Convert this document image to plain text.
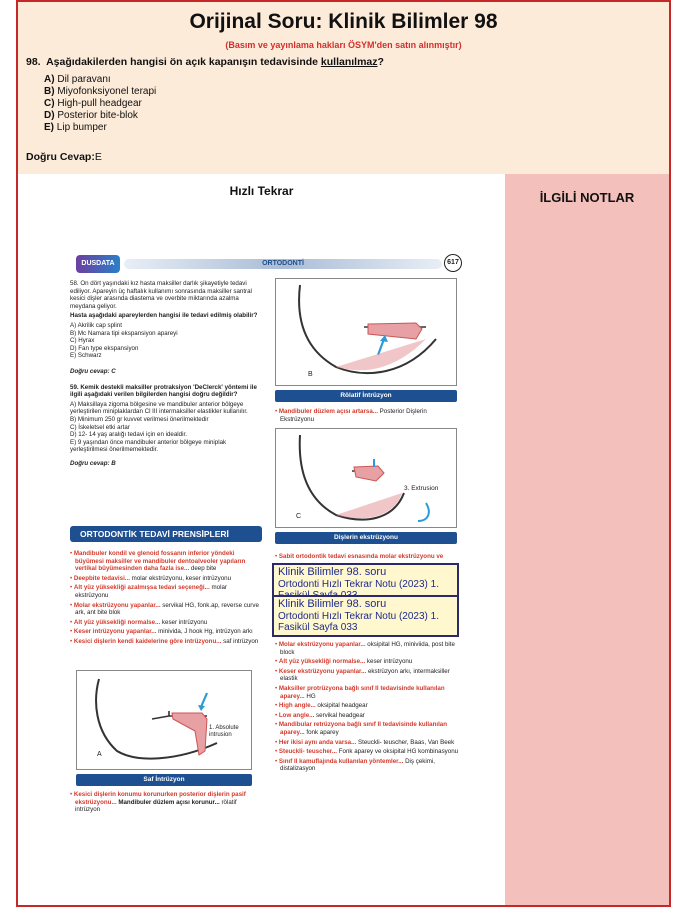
Orijinal Soru: Klinik Bilimler 98
(Basım ve yayınlama hakları ÖSYM'den satın alınmıştır)
98. Aşağıdakilerden hangisi ön açık kapanışın tedavisinde kullanılmaz?
A) Dil paravanı
B) Miyofonksiyonel terapi
C) High-pull headgear
D) Posterior bite-blok
E) Lip bumper
Doğru Cevap:E
Hızlı Tekrar	İLGİLİ NOTLAR
DUSDATA	ORTODONTİ	617
58. On dört yaşındaki kız hasta maksiller darlık şikayetiyle tedavi ediliyor. Apareyin üç haftalık kullanımı sonrasında maksiller santral kesici dişler arasında diastema ve overbite miktarında azalma meydana geliyor.
Hasta aşağıdaki apareylerden hangisi ile tedavi edilmiş olabilir?
A) Akrilik cap splint
B) Mc Namara tipi ekspansiyon apareyi
C) Hyrax
D) Fan type ekspansiyon
E) Schwarz
Doğru cevap: C
59. Kemik destekli maksiller protraksiyon 'DeClerck' yöntemi ile ilgili aşağıdaki verilen bilgilerden hangisi doğru değildir?
A) Maksillaya zigoma bölgesine ve mandibuler anterior bölgeye yerleştirilen miniplaklardan Cl III intermaksiller elastikler kullanılır.
B) Minimum 250 gr kuvvet verilmesi önerilmektedir
C) İskeletsel etki artar
D) 12- 14 yaş aralığı tedavi için en idealdir.
E) 9 yaşından önce mandibuler anterior bölgeye miniplak yerleştirilmesi önerilmemektedir.
Doğru cevap: B
ORTODONTİK TEDAVİ PRENSİPLERİ
• Mandibuler kondil ve glenoid fossanın inferior yöndeki büyümesi maksiller ve mandibuler dentoalveoler yapıların vertikal büyümesinden daha fazla ise... deep bite
• Deepbite tedavisi... molar ekstrüzyonu, keser intrüzyonu
• Alt yüz yüksekliği azalmışsa tedavi seçeneği... molar ekstrüzyonu
• Molar ekstrüzyonu yapanlar... servikal HG, fonk.ap, reverse curve ark, ant bite blok
• Alt yüz yüksekliği normalse... keser intrüzyonu
• Keser intrüzyonu yapanlar... minivida, J hook Hg, intrüzyon arkı
• Kesici dişlerin kendi kaidelerine göre intrüzyonu... saf intrüzyon
A
1. Absolute intrusion
Saf İntrüzyon
• Kesici dişlerin konumu korunurken posterior dişlerin pasif ekstrüzyonu... Mandibuler düzlem açısı korunur... rölatif intrüzyon
B
Rölatif İntrüzyon
• Mandibuler düzlem açısı artarsa... Posterior Dişlerin Ekstrüzyonu
C
3. Extrusion
Dişlerin ekstrüzyonu
• Sabit ortodontik tedavi esnasında molar ekstrüzyonu ve
• Molar ekstrüzyonu yapanlar... oksipital HG, miniviida, post bite block
• Alt yüz yüksekliği normalse... keser intrüzyonu
• Keser ekstrüzyonu yapanlar... ekstrüzyon arkı, intermaksiller elastik
• Maksiller protrüzyona bağlı sınıf II tedavisinde kullanılan aparey... HG
• High angle... oksipital headgear
• Low angle... servikal headgear
• Mandibular retrüzyona bağlı sınıf II tedavisinde kullanılan aparey... fonk aparey
• Her ikisi aynı anda varsa... Steuckli- teuscher, Baas, Van Beek
• Steuckli- teuscher... Fonk aparey ve oksipital HG kombinasyonu
• Sınıf II kamuflajında kullanılan yöntemler... Diş çekimi, distalizasyon
Klinik Bilimler 98. soru
Ortodonti Hızlı Tekrar Notu (2023) 1.
Klinik Bilimler 98. soru
Ortodonti Hızlı Tekrar Notu (2023) 1.
Fasikül Sayfa 033
